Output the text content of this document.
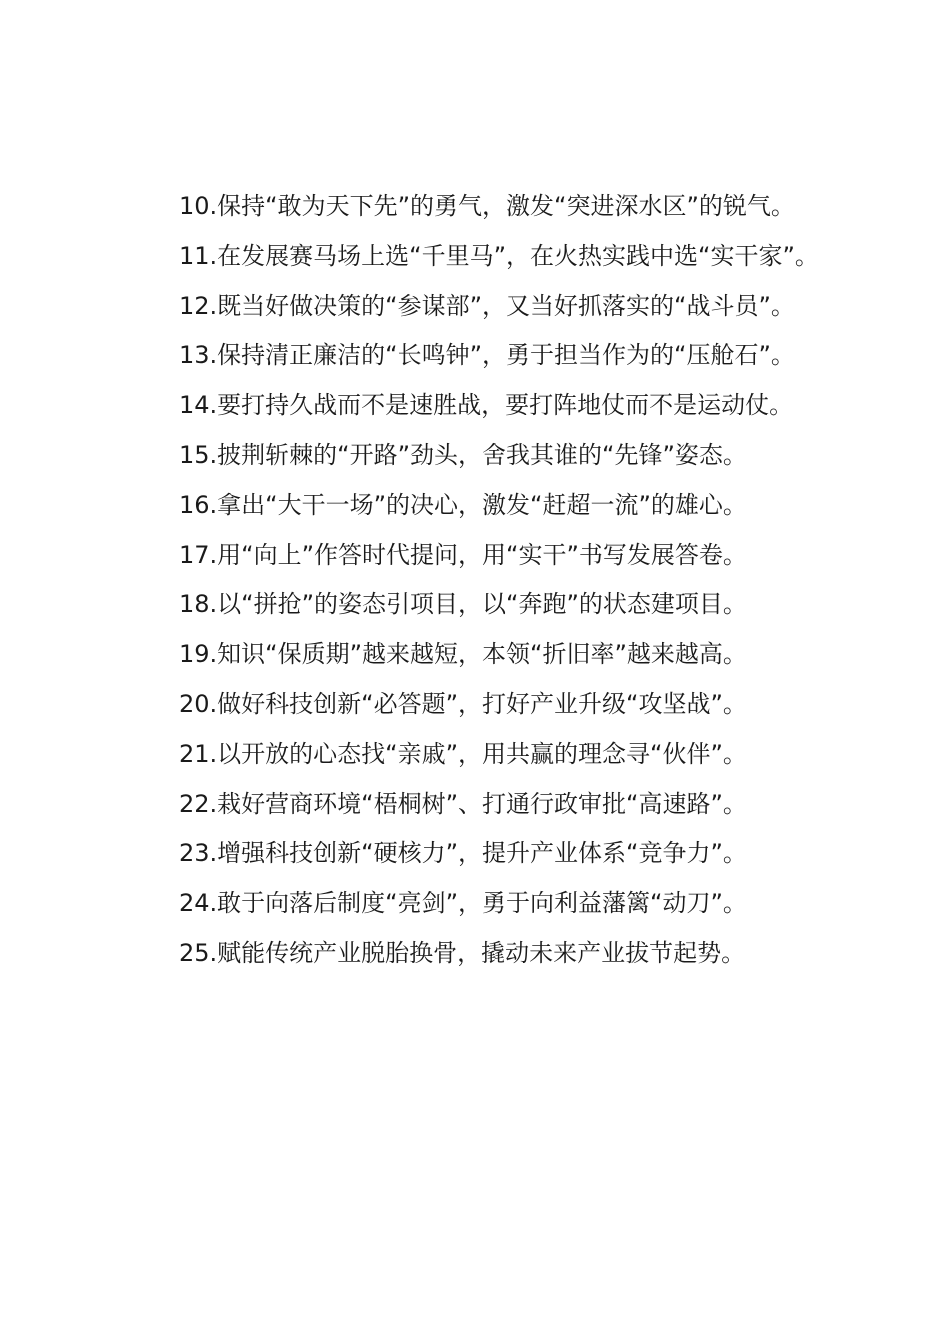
10.保持“敢为天下先”的勇气，激发“突进深水区”的锐气。

11.在发展赛马场上选“千里马”，在火热实践中选“实干家”。

12.既当好做决策的“参谋部”，又当好抓落实的“战斗员”。

13.保持清正廉洁的“长鸣钟”，勇于担当作为的“压舱石”。

14.要打持久战而不是速胜战，要打阵地仗而不是运动仗。

15.披荆斩棘的“开路”劲头，舍我其谁的“先锋”姿态。

16.拿出“大干一场”的决心，激发“赶超一流”的雄心。

17.用“向上”作答时代提问，用“实干”书写发展答卷。

18.以“拼抢”的姿态引项目，以“奔跑”的状态建项目。

19.知识“保质期”越来越短，本领“折旧率”越来越高。

20.做好科技创新“必答题”，打好产业升级“攻坚战”。

21.以开放的心态找“亲戚”，用共赢的理念寻“伙伴”。

22.栽好营商环境“梧桐树”、打通行政审批“高速路”。

23.增强科技创新“硬核力”，提升产业体系“竞争力”。

24.敢于向落后制度“亮剑”，勇于向利益藩篱“动刀”。

25.赋能传统产业脱胎换骨，撬动未来产业拔节起势。
